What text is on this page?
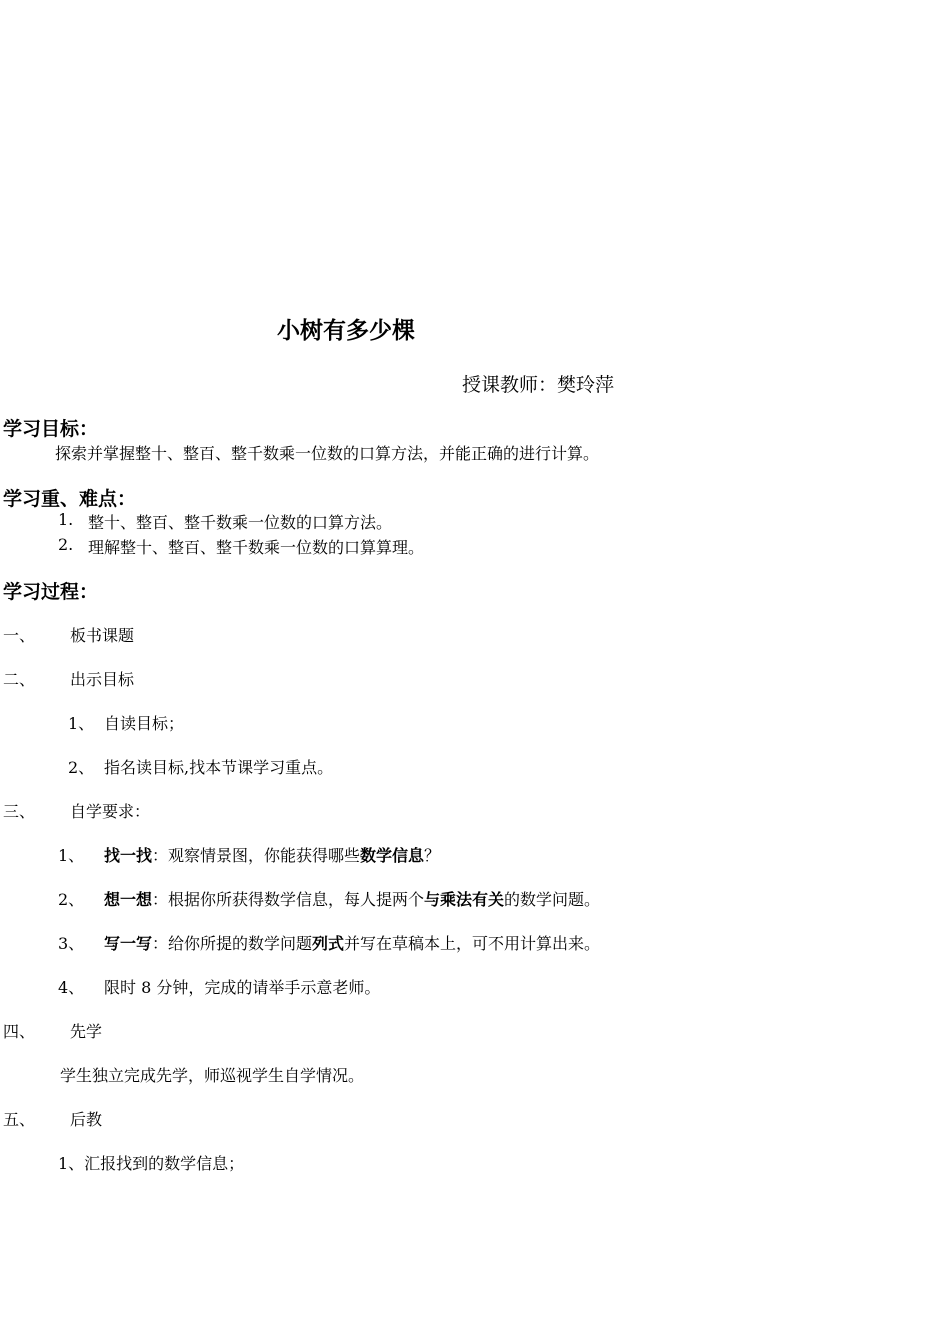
小树有多少棵
授课教师：樊玲萍
学习目标：
探索并掌握整十、整百、整千数乘一位数的口算方法，并能正确的进行计算。
学习重、难点：
1. 整十、整百、整千数乘一位数的口算方法。
2. 理解整十、整百、整千数乘一位数的口算算理。
学习过程：
一、 板书课题
二、 出示目标
1、 自读目标；
2、 指名读目标,找本节课学习重点。
三、 自学要求：
1、 找一找：观察情景图，你能获得哪些数学信息？
2、 想一想：根据你所获得数学信息，每人提两个与乘法有关的数学问题。
3、 写一写：给你所提的数学问题列式并写在草稿本上，可不用计算出来。
4、 限时 8 分钟，完成的请举手示意老师。
四、 先学
学生独立完成先学，师巡视学生自学情况。
五、 后教
1、汇报找到的数学信息；
